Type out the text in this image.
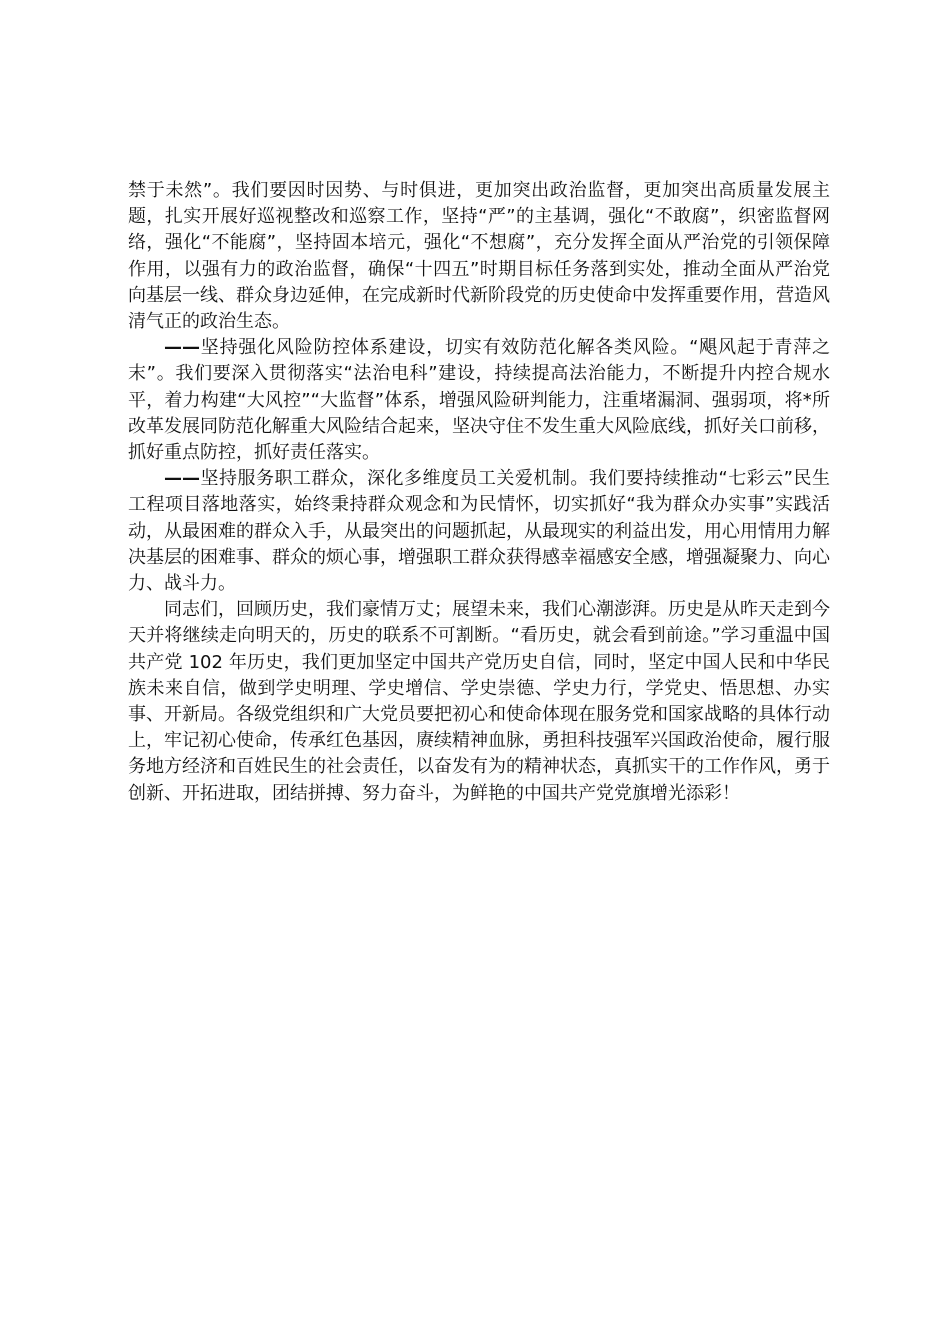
禁于未然”。我们要因时因势、与时俱进，更加突出政治监督，更加突出高质量发展主题，扎实开展好巡视整改和巡察工作，坚持“严”的主基调，强化“不敢腐”，织密监督网络，强化“不能腐”，坚持固本培元，强化“不想腐”，充分发挥全面从严治党的引领保障作用，以强有力的政治监督，确保“十四五”时期目标任务落到实处，推动全面从严治党向基层一线、群众身边延伸，在完成新时代新阶段党的历史使命中发挥重要作用，营造风清气正的政治生态。

——坚持强化风险防控体系建设，切实有效防范化解各类风险。“飓风起于青萍之末”。我们要深入贯彻落实“法治电科”建设，持续提高法治能力，不断提升内控合规水平，着力构建“大风控”“大监督”体系，增强风险研判能力，注重堵漏洞、强弱项，将*所改革发展同防范化解重大风险结合起来，坚决守住不发生重大风险底线，抓好关口前移，抓好重点防控，抓好责任落实。

——坚持服务职工群众，深化多维度员工关爱机制。我们要持续推动“七彩云”民生工程项目落地落实，始终秉持群众观念和为民情怀，切实抓好“我为群众办实事”实践活动，从最困难的群众入手，从最突出的问题抓起，从最现实的利益出发，用心用情用力解决基层的困难事、群众的烦心事，增强职工群众获得感幸福感安全感，增强凝聚力、向心力、战斗力。

同志们，回顾历史，我们豪情万丈；展望未来，我们心潮澎湃。历史是从昨天走到今天并将继续走向明天的，历史的联系不可割断。“看历史，就会看到前途。”学习重温中国共产党 102 年历史，我们更加坚定中国共产党历史自信，同时，坚定中国人民和中华民族未来自信，做到学史明理、学史增信、学史崇德、学史力行，学党史、悟思想、办实事、开新局。各级党组织和广大党员要把初心和使命体现在服务党和国家战略的具体行动上，牢记初心使命，传承红色基因，赓续精神血脉，勇担科技强军兴国政治使命，履行服务地方经济和百姓民生的社会责任，以奋发有为的精神状态，真抓实干的工作作风，勇于创新、开拓进取，团结拼搏、努力奋斗，为鲜艳的中国共产党党旗增光添彩！
